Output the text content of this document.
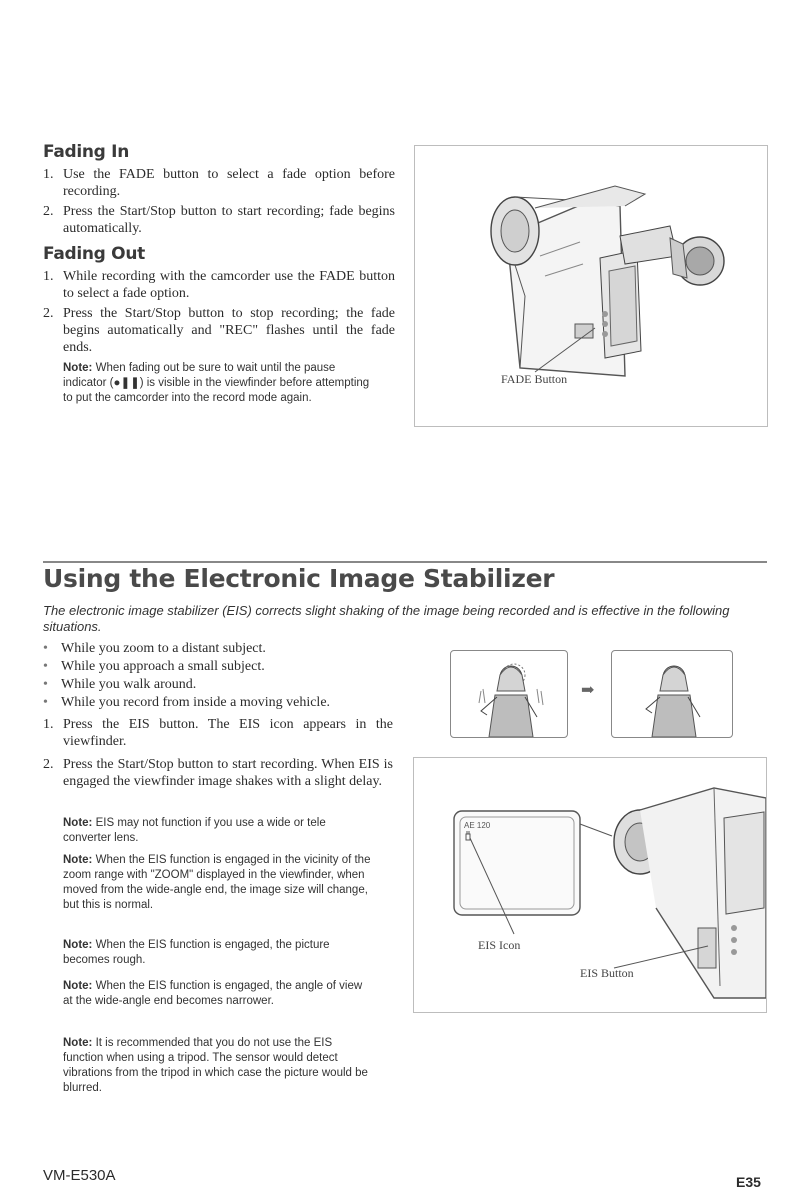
Fading In
1. Use the FADE button to select a fade option before recording.
2. Press the Start/Stop button to start recording; fade begins automatically.
Fading Out
1. While recording with the camcorder use the FADE button to select a fade option.
2. Press the Start/Stop button to stop recording; the fade begins automatically and "REC" flashes until the fade ends.
Note: When fading out be sure to wait until the pause indicator (●❚❚) is visible in the viewfinder before attempting to put the camcorder into the record mode again.
FADE Button
Using the Electronic Image Stabilizer
The electronic image stabilizer (EIS) corrects slight shaking of the image being recorded and is effective in the following situations.
• While you zoom to a distant subject.
• While you approach a small subject.
• While you walk around.
• While you record from inside a moving vehicle.
1. Press the EIS button. The EIS icon appears in the viewfinder.
2. Press the Start/Stop button to start recording. When EIS is engaged the viewfinder image shakes with a slight delay.
Note: EIS may not function if you use a wide or tele converter lens.
Note: When the EIS function is engaged in the vicinity of the zoom range with "ZOOM" displayed in the viewfinder, when moved from the wide-angle end, the image size will change, but this is normal.
Note: When the EIS function is engaged, the picture becomes rough.
Note: When the EIS function is engaged, the angle of view at the wide-angle end becomes narrower.
Note: It is recommended that you do not use the EIS function when using a tripod. The sensor would detect vibrations from the tripod in which case the picture would be blurred.
➡
AE 120
EIS Icon
EIS Button
VM-E530A	E35
